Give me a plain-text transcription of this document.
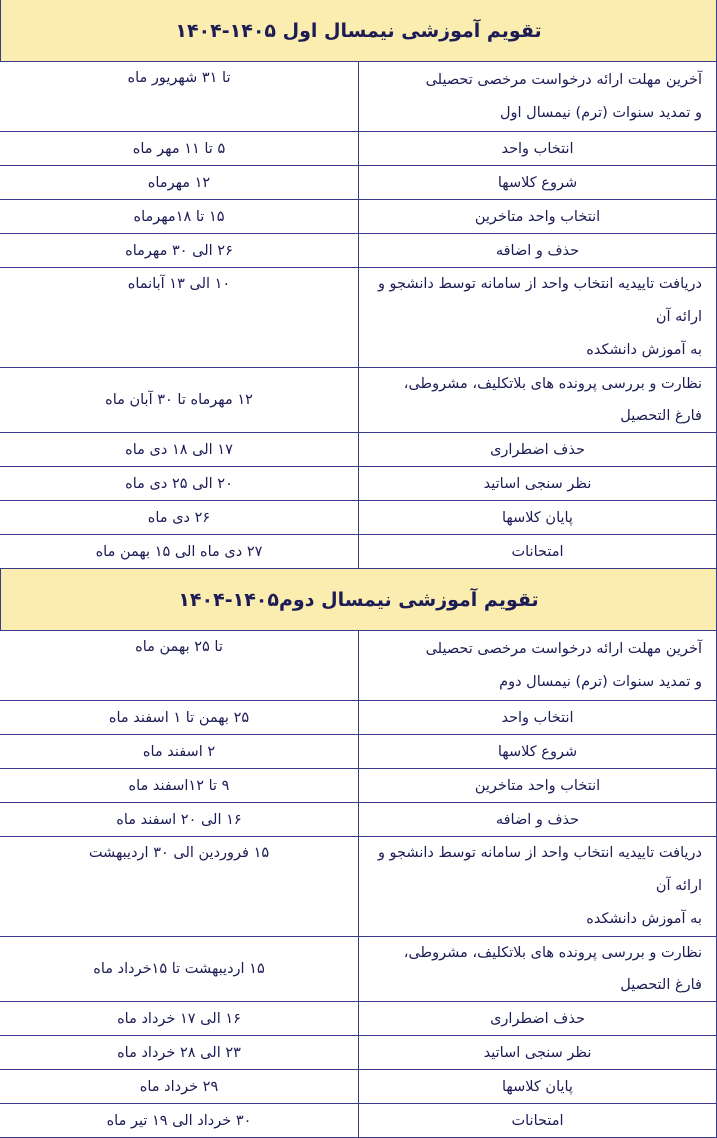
تقویم آموزشی نیمسال اول ۱۴۰۵-۱۴۰۴
آخرین مهلت ارائه درخواست مرخصی تحصیلی
و تمدید سنوات (ترم) نیمسال اول	تا ۳۱ شهریور ماه
انتخاب واحد	۵ تا ۱۱ مهر ماه
شروع کلاسها	۱۲ مهرماه
انتخاب واحد متاخرین	۱۵ تا ۱۸مهرماه
حذف و اضافه	۲۶ الی ۳۰ مهرماه

دریافت تاییدیه انتخاب واحد از سامانه توسط دانشجو و ارائه آن
به آموزش دانشکده	۱۰ الی ۱۳ آبانماه
نظارت و بررسی پرونده های بلاتکلیف، مشروطی، فارغ التحصیل	۱۲ مهرماه تا ۳۰ آبان ماه
حذف اضطراری	۱۷ الی ۱۸ دی ماه
نظر سنجی اساتید	۲۰ الی ۲۵ دی ماه
پایان کلاسها	۲۶ دی ماه
امتحانات	۲۷ دی ماه الی ۱۵ بهمن ماه
تقویم آموزشی نیمسال دوم۱۴۰۵-۱۴۰۴
آخرین مهلت ارائه درخواست مرخصی تحصیلی
و تمدید سنوات (ترم) نیمسال دوم	تا ۲۵ بهمن ماه
انتخاب واحد	۲۵ بهمن تا ۱ اسفند ماه
شروع کلاسها	۲ اسفند ماه
انتخاب واحد متاخرین	۹ تا ۱۲اسفند ماه
حذف و اضافه	۱۶ الی ۲۰ اسفند ماه

دریافت تاییدیه انتخاب واحد از سامانه توسط دانشجو و ارائه آن
به آموزش دانشکده	۱۵ فروردین الی ۳۰ اردیبهشت
نظارت و بررسی پرونده های بلاتکلیف، مشروطی، فارغ التحصیل	۱۵ اردیبهشت تا ۱۵خرداد ماه
حذف اضطراری	۱۶ الی ۱۷ خرداد ماه
نظر سنجی اساتید	۲۳ الی ۲۸ خرداد ماه
پایان کلاسها	۲۹ خرداد ماه
امتحانات	۳۰ خرداد الی ۱۹ تیر ماه
